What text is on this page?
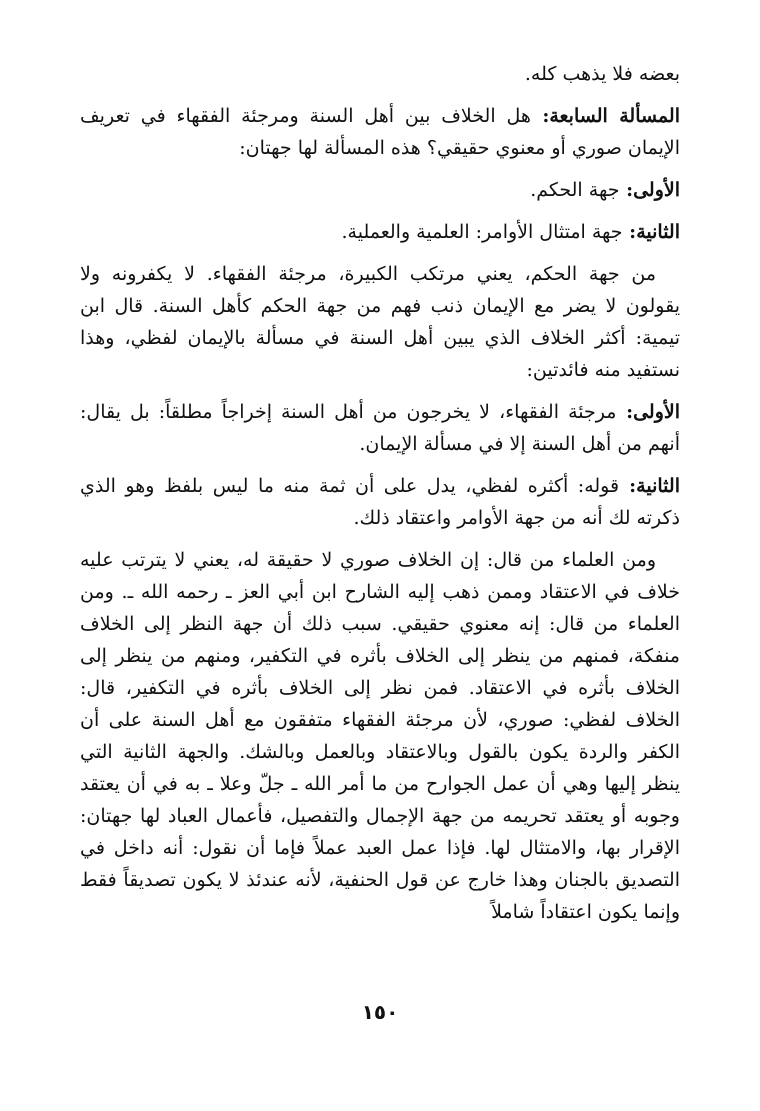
بعضه فلا يذهب كله.

المسألة السابعة: هل الخلاف بين أهل السنة ومرجئة الفقهاء في تعريف الإيمان صوري أو معنوي حقيقي؟ هذه المسألة لها جهتان:

الأولى: جهة الحكم.

الثانية: جهة امتثال الأوامر: العلمية والعملية.

من جهة الحكم، يعني مرتكب الكبيرة، مرجئة الفقهاء. لا يكفرونه ولا يقولون لا يضر مع الإيمان ذنب فهم من جهة الحكم كأهل السنة. قال ابن تيمية: أكثر الخلاف الذي يبين أهل السنة في مسألة بالإيمان لفظي، وهذا نستفيد منه فائدتين:

الأولى: مرجئة الفقهاء، لا يخرجون من أهل السنة إخراجاً مطلقاً: بل يقال: أنهم من أهل السنة إلا في مسألة الإيمان.

الثانية: قوله: أكثره لفظي، يدل على أن ثمة منه ما ليس بلفظ وهو الذي ذكرته لك أنه من جهة الأوامر واعتقاد ذلك.

ومن العلماء من قال: إن الخلاف صوري لا حقيقة له، يعني لا يترتب عليه خلاف في الاعتقاد وممن ذهب إليه الشارح ابن أبي العز ـ رحمه الله ـ. ومن العلماء من قال: إنه معنوي حقيقي. سبب ذلك أن جهة النظر إلى الخلاف منفكة، فمنهم من ينظر إلى الخلاف بأثره في التكفير، ومنهم من ينظر إلى الخلاف بأثره في الاعتقاد. فمن نظر إلى الخلاف بأثره في التكفير، قال: الخلاف لفظي: صوري، لأن مرجئة الفقهاء متفقون مع أهل السنة على أن الكفر والردة يكون بالقول وبالاعتقاد وبالعمل وبالشك. والجهة الثانية التي ينظر إليها وهي أن عمل الجوارح من ما أمر الله ـ جلّ وعلا ـ به في أن يعتقد وجوبه أو يعتقد تحريمه من جهة الإجمال والتفصيل، فأعمال العباد لها جهتان: الإقرار بها، والامتثال لها. فإذا عمل العبد عملاً فإما أن نقول: أنه داخل في التصديق بالجنان وهذا خارج عن قول الحنفية، لأنه عندئذ لا يكون تصديقاً فقط وإنما يكون اعتقاداً شاملاً

١٥٠
